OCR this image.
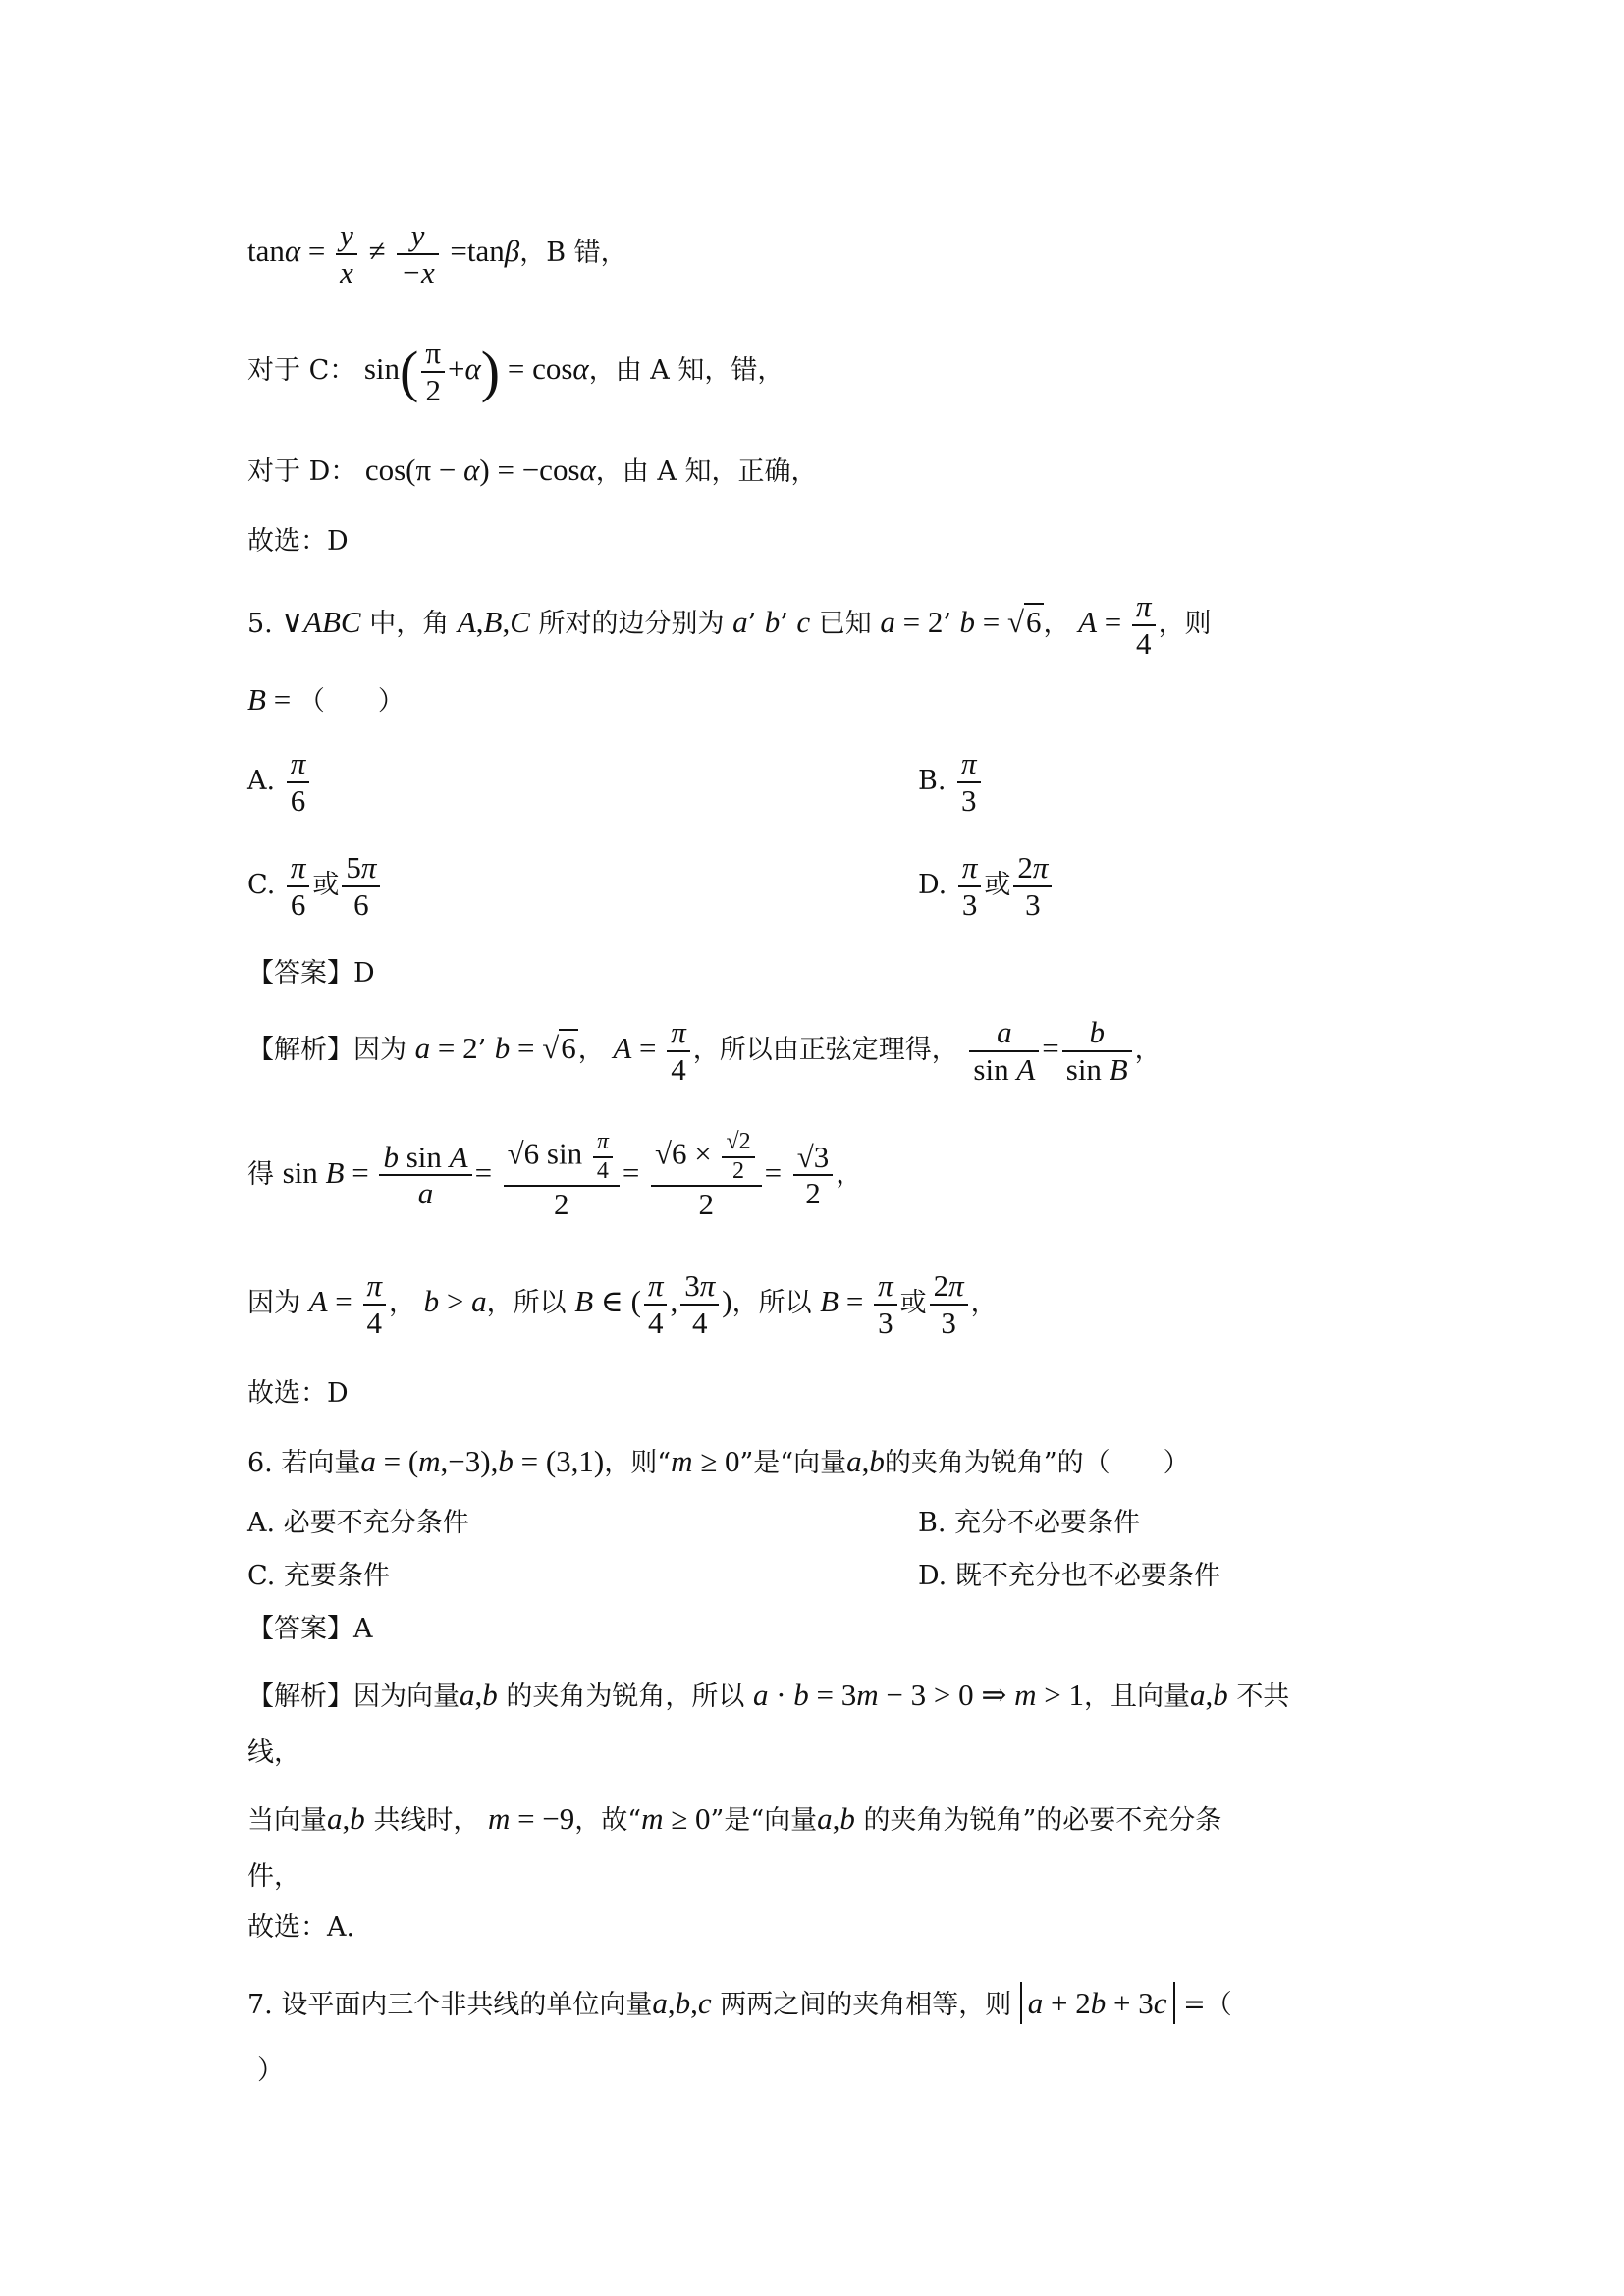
$\tan\alpha = \frac{y}{x} \ne \frac{y}{-x} =\tan\beta$，B 错，
对于 C： $\sin( \frac{\pi}{2} +\alpha) = \cos\alpha$，由 A 知，错，
对于 D： cos(π − α) = −cosα，由 A 知，正确，
故选：D
5. ∨ABC 中，角 A,B,C 所对的边分别为 a’ b’ c 已知 a = 2’ b = √6， $A = \frac{\pi}{4}$ ，则
B = （　　）
A. $\frac{\pi}{6}$	B. $\frac{\pi}{3}$
C. $\frac{\pi}{6}$ 或 $\frac{5\pi}{6}$	D. $\frac{\pi}{3}$ 或 $\frac{2\pi}{3}$
【答案】D
【解析】因为 a = 2’ b = √6， $A = \frac{\pi}{4}$ ，所以由正弦定理得， $\frac{a}{\text{sin A}} = \frac{b}{\text{sin B}}$ ，
得 $\sin B = \frac{\text{b sin A}}{a} = \frac{√6 \sin \frac{\pi}{4}}{2} = \frac{√6 \times \frac{√2}{2}}{2} = \frac{√3}{2}$ ，
因为 $A = \frac{\pi}{4}$ ， b > a，所以 B ∈ ( $\frac{\pi}{4}$ , $\frac{3\pi}{4}$ )，所以 $B = \frac{\pi}{3}$ 或 $\frac{2\pi}{3}$ ，
故选：D
6. 若向量a = (m,−3),b = (3,1)，则“m ≥ 0”是“向量a,b的夹角为锐角”的（　　）
A. 必要不充分条件	B. 充分不必要条件
C. 充要条件	D. 既不充分也不必要条件
【答案】A
【解析】因为向量a,b 的夹角为锐角，所以 a · b = 3m − 3 > 0 ⇒ m > 1，且向量a,b 不共
线，
当向量a,b 共线时， m = −9，故“m ≥ 0”是“向量a,b 的夹角为锐角”的必要不充分条
件，
故选：A.
7. 设平面内三个非共线的单位向量a,b,c 两两之间的夹角相等，则 a + 2b + 3c =（
）
